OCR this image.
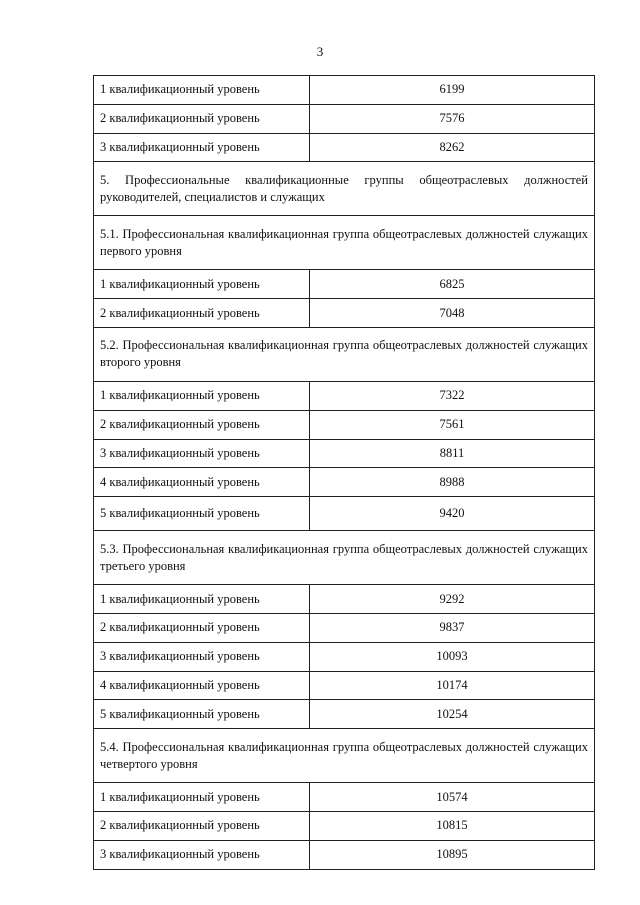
3
1 квалификационный уровень	6199
2 квалификационный уровень	7576
3 квалификационный уровень	8262
5. Профессиональные квалификационные группы общеотраслевых должностей руководителей, специалистов и служащих	
5.1. Профессиональная квалификационная группа общеотраслевых должностей служащих первого уровня	
1 квалификационный уровень	6825
2 квалификационный уровень	7048
5.2. Профессиональная квалификационная группа общеотраслевых должностей служащих второго уровня	
1 квалификационный уровень	7322
2 квалификационный уровень	7561
3 квалификационный уровень	8811
4 квалификационный уровень	8988
5 квалификационный уровень	9420
5.3. Профессиональная квалификационная группа общеотраслевых должностей служащих третьего уровня	
1 квалификационный уровень	9292
2 квалификационный уровень	9837
3 квалификационный уровень	10093
4 квалификационный уровень	10174
5 квалификационный уровень	10254
5.4. Профессиональная квалификационная группа общеотраслевых должностей служащих четвертого уровня	
1 квалификационный уровень	10574
2 квалификационный уровень	10815
3 квалификационный уровень	10895
